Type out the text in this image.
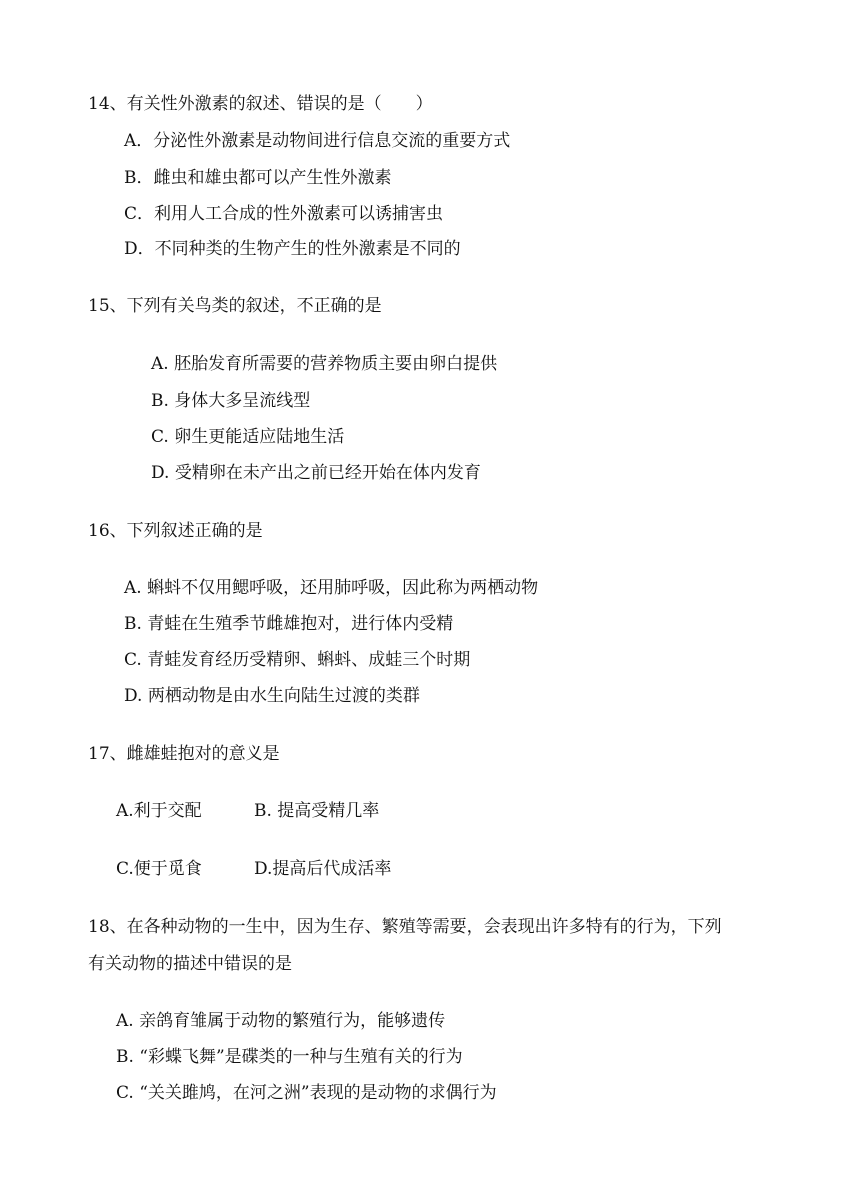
14、有关性外激素的叙述、错误的是（　　）
A．分泌性外激素是动物间进行信息交流的重要方式
B．雌虫和雄虫都可以产生性外激素
C．利用人工合成的性外激素可以诱捕害虫
D．不同种类的生物产生的性外激素是不同的
15、下列有关鸟类的叙述，不正确的是
A. 胚胎发育所需要的营养物质主要由卵白提供
B. 身体大多呈流线型
C. 卵生更能适应陆地生活
D. 受精卵在未产出之前已经开始在体内发育
16、下列叙述正确的是
A. 蝌蚪不仅用鳃呼吸，还用肺呼吸，因此称为两栖动物
B. 青蛙在生殖季节雌雄抱对，进行体内受精
C. 青蛙发育经历受精卵、蝌蚪、成蛙三个时期
D. 两栖动物是由水生向陆生过渡的类群
17、雌雄蛙抱对的意义是
A.利于交配	B. 提高受精几率
C.便于觅食	D.提高后代成活率
18、在各种动物的一生中，因为生存、繁殖等需要，会表现出许多特有的行为，下列
有关动物的描述中错误的是
A. 亲鸽育雏属于动物的繁殖行为，能够遗传
B. “彩蝶飞舞”是碟类的一种与生殖有关的行为
C. “关关雎鸠，在河之洲”表现的是动物的求偶行为
